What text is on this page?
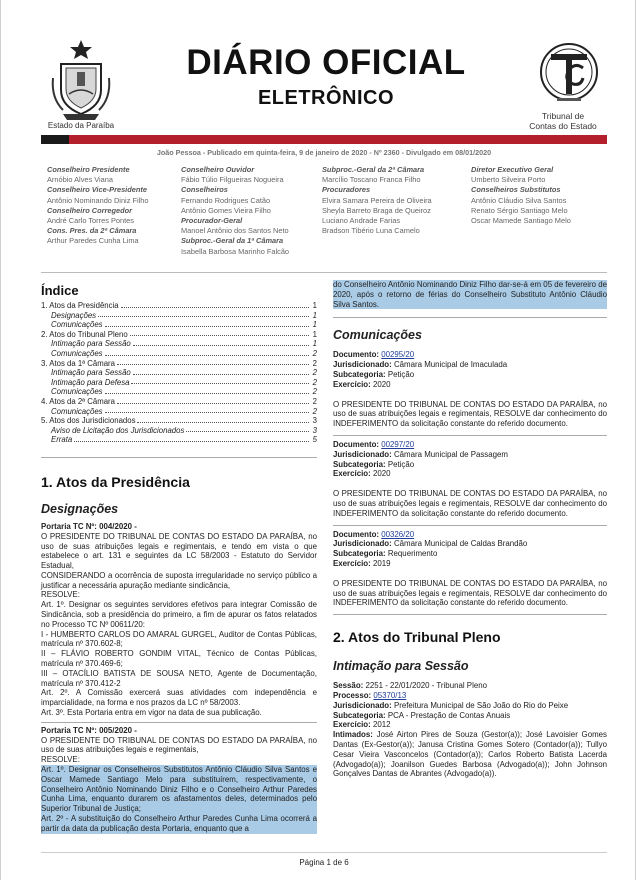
Estado da Paraíba
DIÁRIO OFICIAL
ELETRÔNICO
Tribunal de
Contas do Estado
João Pessoa - Publicado em quinta-feira, 9 de janeiro de 2020 - Nº 2360 - Divulgado em 08/01/2020
Conselheiro Presidente
Arnóbio Alves Viana
Conselheiro Vice-Presidente
Antônio Nominando Diniz Filho
Conselheiro Corregedor
André Carlo Torres Pontes
Cons. Pres. da 2ª Câmara
Arthur Paredes Cunha Lima
Conselheiro Ouvidor
Fábio Túlio Filgueiras Nogueira
Conselheiros
Fernando Rodrigues Catão
Antônio Gomes Vieira Filho
Procurador-Geral
Manoel Antônio dos Santos Neto
Subproc.-Geral da 1ª Câmara
Isabella Barbosa Marinho Falcão
Subproc.-Geral da 2ª Câmara
Marcílio Toscano Franca Filho
Procuradores
Elvira Samara Pereira de Oliveira
Sheyla Barreto Braga de Queiroz
Luciano Andrade Farias
Bradson Tibério Luna Camelo
Diretor Executivo Geral
Umberto Silveira Porto
Conselheiros Substitutos
Antônio Cláudio Silva Santos
Renato Sérgio Santiago Melo
Oscar Mamede Santiago Melo
Índice
1. Atos da Presidência	1
Designações	1
Comunicações	1
2. Atos do Tribunal Pleno	1
Intimação para Sessão	1
Comunicações	2
3. Atos da 1ª Câmara	2
Intimação para Sessão	2
Intimação para Defesa	2
Comunicações	2
4. Atos da 2ª Câmara	2
Comunicações	2
5. Atos dos Jurisdicionados	3
Aviso de Licitação dos Jurisdicionados	3
Errata	5
1. Atos da Presidência
Designações
Portaria TC Nº: 004/2020 -
O PRESIDENTE DO TRIBUNAL DE CONTAS DO ESTADO DA PARAÍBA, no uso de suas atribuições legais e regimentais, e tendo em vista o que estabelece o art. 131 e seguintes da LC 58/2003 - Estatuto do Servidor Estadual,
CONSIDERANDO a ocorrência de suposta irregularidade no serviço público a justificar a necessária apuração mediante sindicância,
RESOLVE:
Art. 1º. Designar os seguintes servidores efetivos para integrar Comissão de Sindicância, sob a presidência do primeiro, a fim de apurar os fatos relatados no Processo TC Nº 00611/20:
I - HUMBERTO CARLOS DO AMARAL GURGEL, Auditor de Contas Públicas, matrícula nº 370.602-8;
II – FLÁVIO ROBERTO GONDIM VITAL, Técnico de Contas Públicas, matrícula nº 370.469-6;
III – OTACÍLIO BATISTA DE SOUSA NETO, Agente de Documentação, matrícula nº 370.412-2
Art. 2º. A Comissão exercerá suas atividades com independência e imparcialidade, na forma e nos prazos da LC nº 58/2003.
Art. 3º. Esta Portaria entra em vigor na data de sua publicação.
Portaria TC Nº: 005/2020 -
O PRESIDENTE DO TRIBUNAL DE CONTAS DO ESTADO DA PARAÍBA, no uso de suas atribuições legais e regimentais,
RESOLVE:
Art. 1º. Designar os Conselheiros Substitutos Antônio Cláudio Silva Santos e Oscar Mamede Santiago Melo para substituírem, respectivamente, o Conselheiro Antônio Nominando Diniz Filho e o Conselheiro Arthur Paredes Cunha Lima, enquanto durarem os afastamentos deles, determinados pelo Superior Tribunal de Justiça;
Art. 2º - A substituição do Conselheiro Arthur Paredes Cunha Lima ocorrerá a partir da data da publicação desta Portaria, enquanto que a
do Conselheiro Antônio Nominando Diniz Filho dar-se-á em 05 de fevereiro de 2020, após o retorno de férias do Conselheiro Substituto Antônio Cláudio Silva Santos.
Comunicações
Documento: 00295/20
Jurisdicionado: Câmara Municipal de Imaculada
Subcategoria: Petição
Exercício: 2020
O PRESIDENTE DO TRIBUNAL DE CONTAS DO ESTADO DA PARAÍBA, no uso de suas atribuições legais e regimentais, RESOLVE dar conhecimento do INDEFERIMENTO da solicitação constante do referido documento.
Documento: 00297/20
Jurisdicionado: Câmara Municipal de Passagem
Subcategoria: Petição
Exercício: 2020
O PRESIDENTE DO TRIBUNAL DE CONTAS DO ESTADO DA PARAÍBA, no uso de suas atribuições legais e regimentais, RESOLVE dar conhecimento do INDEFERIMENTO da solicitação constante do referido documento.
Documento: 00326/20
Jurisdicionado: Câmara Municipal de Caldas Brandão
Subcategoria: Requerimento
Exercício: 2019
O PRESIDENTE DO TRIBUNAL DE CONTAS DO ESTADO DA PARAÍBA, no uso de suas atribuições legais e regimentais, RESOLVE dar conhecimento do INDEFERIMENTO da solicitação constante do referido documento.
2. Atos do Tribunal Pleno
Intimação para Sessão
Sessão: 2251 - 22/01/2020 - Tribunal Pleno
Processo: 05370/13
Jurisdicionado: Prefeitura Municipal de São João do Rio do Peixe
Subcategoria: PCA - Prestação de Contas Anuais
Exercício: 2012
Intimados: José Airton Pires de Souza (Gestor(a)); José Lavoisier Gomes Dantas (Ex-Gestor(a)); Janusa Cristina Gomes Sotero (Contador(a)); Tullyo Cesar Vieira Vasconcelos (Contador(a)); Carlos Roberto Batista Lacerda (Advogado(a)); Joanilson Guedes Barbosa (Advogado(a)); John Johnson Gonçalves Dantas de Abrantes (Advogado(a)).
Página 1 de 6
